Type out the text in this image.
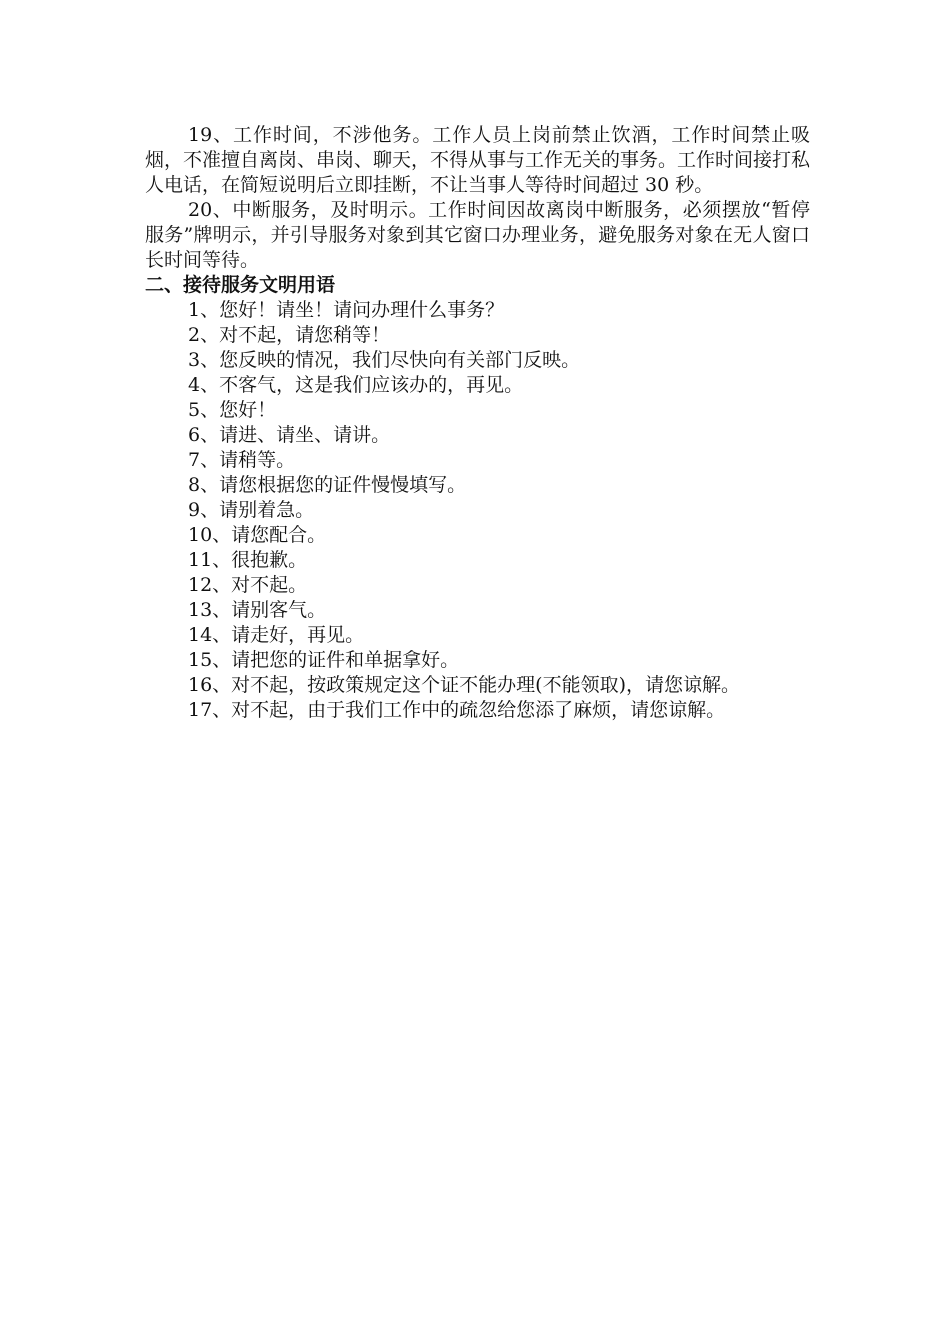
19、工作时间，不涉他务。工作人员上岗前禁止饮酒，工作时间禁止吸烟，不准擅自离岗、串岗、聊天，不得从事与工作无关的事务。工作时间接打私人电话，在简短说明后立即挂断，不让当事人等待时间超过 30 秒。

20、中断服务，及时明示。工作时间因故离岗中断服务，必须摆放“暂停服务”牌明示，并引导服务对象到其它窗口办理业务，避免服务对象在无人窗口长时间等待。

二、接待服务文明用语

1、您好！请坐！请问办理什么事务？
2、对不起，请您稍等！
3、您反映的情况，我们尽快向有关部门反映。
4、不客气，这是我们应该办的，再见。
5、您好！
6、请进、请坐、请讲。
7、请稍等。
8、请您根据您的证件慢慢填写。
9、请别着急。
10、请您配合。
11、很抱歉。
12、对不起。
13、请别客气。
14、请走好，再见。
15、请把您的证件和单据拿好。
16、对不起，按政策规定这个证不能办理(不能领取)，请您谅解。
17、对不起，由于我们工作中的疏忽给您添了麻烦，请您谅解。
